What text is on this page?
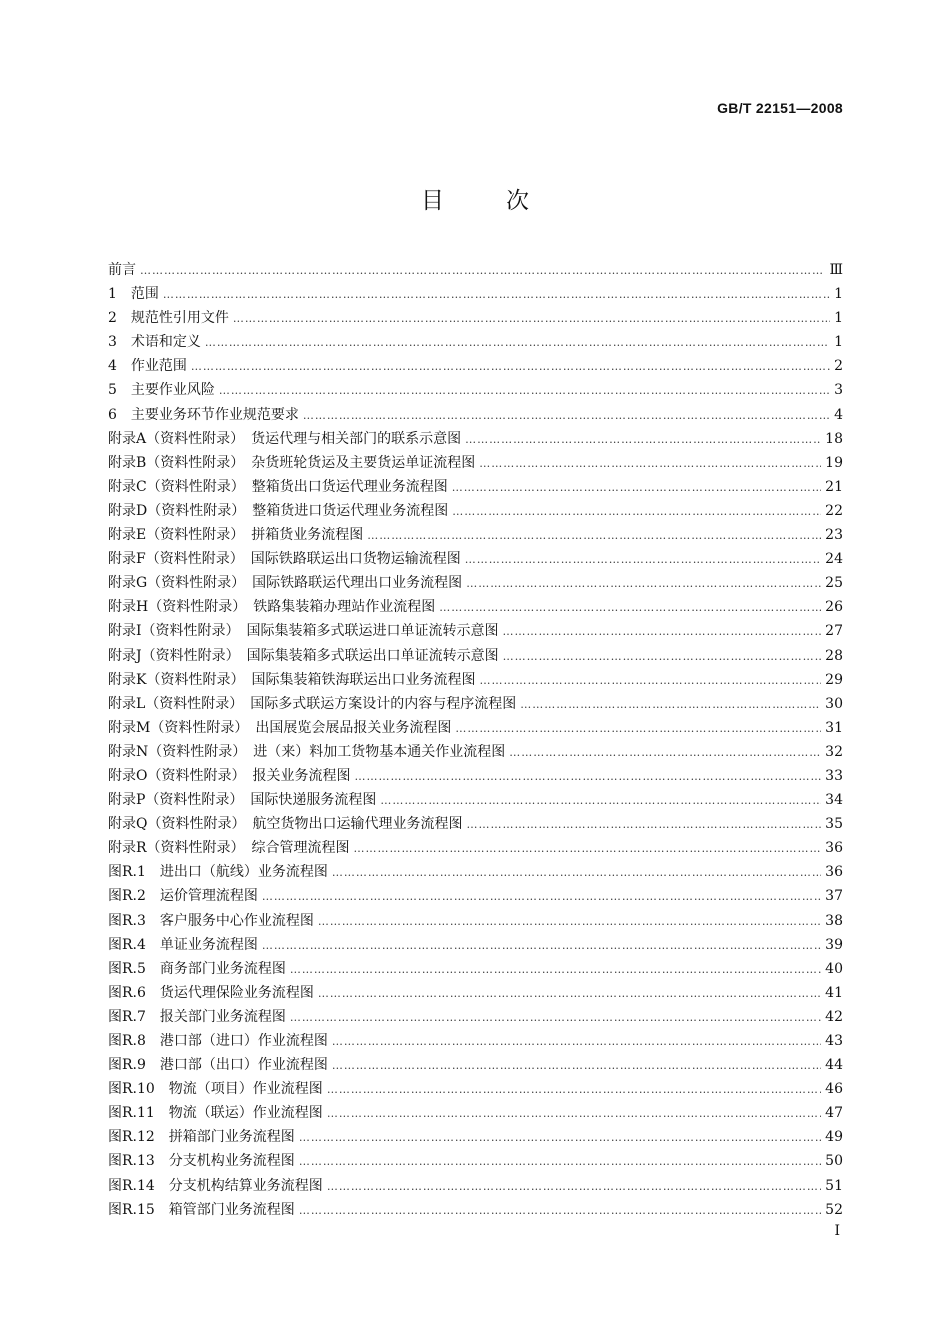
GB/T 22151—2008
目次
前言 ………………………………………………………………………………………………………………………………………………………………………………………………	Ⅲ
1　范围 ………………………………………………………………………………………………………………………………………………………………………………………………	1
2　规范性引用文件 ………………………………………………………………………………………………………………………………………………………………………………………………	1
3　术语和定义 ………………………………………………………………………………………………………………………………………………………………………………………………	1
4　作业范围 ………………………………………………………………………………………………………………………………………………………………………………………………	2
5　主要作业风险 ………………………………………………………………………………………………………………………………………………………………………………………………	3
6　主要业务环节作业规范要求 ………………………………………………………………………………………………………………………………………………………………………………………………	4
附录A（资料性附录）　货运代理与相关部门的联系示意图 ………………………………………………………………………………………………………………………………………………………………………………………………	18
附录B（资料性附录）　杂货班轮货运及主要货运单证流程图 ………………………………………………………………………………………………………………………………………………………………………………………………	19
附录C（资料性附录）　整箱货出口货运代理业务流程图 ………………………………………………………………………………………………………………………………………………………………………………………………	21
附录D（资料性附录）　整箱货进口货运代理业务流程图 ………………………………………………………………………………………………………………………………………………………………………………………………	22
附录E（资料性附录）　拼箱货业务流程图 ………………………………………………………………………………………………………………………………………………………………………………………………	23
附录F（资料性附录）　国际铁路联运出口货物运输流程图 ………………………………………………………………………………………………………………………………………………………………………………………………	24
附录G（资料性附录）　国际铁路联运代理出口业务流程图 ………………………………………………………………………………………………………………………………………………………………………………………………	25
附录H（资料性附录）　铁路集装箱办理站作业流程图 ………………………………………………………………………………………………………………………………………………………………………………………………	26
附录I（资料性附录）　国际集装箱多式联运进口单证流转示意图 ………………………………………………………………………………………………………………………………………………………………………………………………	27
附录J（资料性附录）　国际集装箱多式联运出口单证流转示意图 ………………………………………………………………………………………………………………………………………………………………………………………………	28
附录K（资料性附录）　国际集装箱铁海联运出口业务流程图 ………………………………………………………………………………………………………………………………………………………………………………………………	29
附录L（资料性附录）　国际多式联运方案设计的内容与程序流程图 ………………………………………………………………………………………………………………………………………………………………………………………………	30
附录M（资料性附录）　出国展览会展品报关业务流程图 ………………………………………………………………………………………………………………………………………………………………………………………………	31
附录N（资料性附录）　进（来）料加工货物基本通关作业流程图 ………………………………………………………………………………………………………………………………………………………………………………………………	32
附录O（资料性附录）　报关业务流程图 ………………………………………………………………………………………………………………………………………………………………………………………………	33
附录P（资料性附录）　国际快递服务流程图 ………………………………………………………………………………………………………………………………………………………………………………………………	34
附录Q（资料性附录）　航空货物出口运输代理业务流程图 ………………………………………………………………………………………………………………………………………………………………………………………………	35
附录R（资料性附录）　综合管理流程图 ………………………………………………………………………………………………………………………………………………………………………………………………	36
图R.1　进出口（航线）业务流程图 ………………………………………………………………………………………………………………………………………………………………………………………………	36
图R.2　运价管理流程图 ………………………………………………………………………………………………………………………………………………………………………………………………	37
图R.3　客户服务中心作业流程图 ………………………………………………………………………………………………………………………………………………………………………………………………	38
图R.4　单证业务流程图 ………………………………………………………………………………………………………………………………………………………………………………………………	39
图R.5　商务部门业务流程图 ………………………………………………………………………………………………………………………………………………………………………………………………	40
图R.6　货运代理保险业务流程图 ………………………………………………………………………………………………………………………………………………………………………………………………	41
图R.7　报关部门业务流程图 ………………………………………………………………………………………………………………………………………………………………………………………………	42
图R.8　港口部（进口）作业流程图 ………………………………………………………………………………………………………………………………………………………………………………………………	43
图R.9　港口部（出口）作业流程图 ………………………………………………………………………………………………………………………………………………………………………………………………	44
图R.10　物流（项目）作业流程图 ………………………………………………………………………………………………………………………………………………………………………………………………	46
图R.11　物流（联运）作业流程图 ………………………………………………………………………………………………………………………………………………………………………………………………	47
图R.12　拼箱部门业务流程图 ………………………………………………………………………………………………………………………………………………………………………………………………	49
图R.13　分支机构业务流程图 ………………………………………………………………………………………………………………………………………………………………………………………………	50
图R.14　分支机构结算业务流程图 ………………………………………………………………………………………………………………………………………………………………………………………………	51
图R.15　箱管部门业务流程图 ………………………………………………………………………………………………………………………………………………………………………………………………	52
Ⅰ
